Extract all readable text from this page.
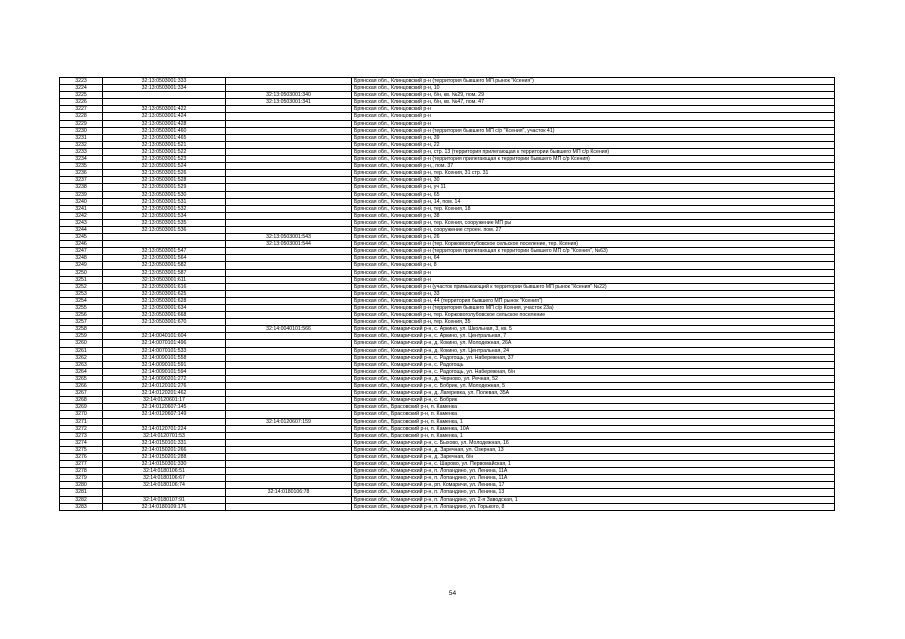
3223	32:13:0503001:333		Брянская обл., Клинцовский р-н (территория бывшего МП рынок "Ксения")
3224	32:13:0503001:334		Брянская обл., Клинцовский р-н, 10
3225		32:13:0503001:340	Брянская обл., Клинцовский р-н, б/н, кв. №29, пом. 29
3226		32:13:0503001:341	Брянская обл., Клинцовский р-н, б/н, кв. №47, пом. 47
3227	32:13:0503001:422		Брянская обл., Клинцовский р-н
3228	32:13:0503001:424		Брянская обл., Клинцовский р-н
3229	32:13:0503001:428		Брянская обл., Клинцовский р-н
3230	32:13:0503001:460		Брянская обл., Клинцовский р-н (территория бывшего МП с/р "Ксения", участок 41)
3231	32:13:0503001:465		Брянская обл., Клинцовский р-н, 39
3232	32:13:0503001:521		Брянская обл., Клинцовский р-н, 22
3233	32:13:0503001:522		Брянская обл., Клинцовский р-н, стр. 13 (территория прилегающая к территории бывшего МП с/р Ксения)
3234	32:13:0503001:523		Брянская обл., Клинцовский р-н (территория прилегающая к территории бывшего МП с/р Ксения)
3235	32:13:0503001:524		Брянская обл., Клинцовский р-н,, пом. 37
3236	32:13:0503001:526		Брянская обл., Клинцовский р-н, тер. Ксения, 31 стр. 31
3237	32:13:0503001:528		Брянская обл., Клинцовский р-н, 30
3238	32:13:0503001:529		Брянская обл., Клинцовский р-н, уч 11
3239	32:13:0503001:530		Брянская обл., Клинцовский р-н, 65
3240	32:13:0503001:531		Брянская обл., Клинцовский р-н, 14, пом. 14
3241	32:13:0503001:532		Брянская обл., Клинцовский р-н, тер. Ксения, 18
3242	32:13:0503001:534		Брянская обл., Клинцовский р-н, 38
3243	32:13:0503001:535		Брянская обл., Клинцовский р-н, тер. Ксения, сооружение МП ры
3244	32:13:0503001:536		Брянская обл., Клинцовский р-н, сооружение строен. пом. 27
3245		32:13:0503001:543	Брянская обл., Клинцовский р-н, 26
3246		32:13:0503001:544	Брянская обл., Клинцовский р-н (тер. Коржовоголубовское сельское поселение, тер. Ксения)
3247	32:13:0503001:547		Брянская обл., Клинцовский р-н (территория прилегающая к территории бывшего МП с/р "Ксения", №63)
3248	32:13:0503001:564		Брянская обл., Клинцовский р-н, 64
3249	32:13:0503001:582		Брянская обл., Клинцовский р-н, 8
3250	32:13:0503001:587		Брянская обл., Клинцовский р-н
3251	32:13:0503001:611		Брянская обл., Клинцовский р-н
3252	32:13:0503001:616		Брянская обл., Клинцовский р-н (участок примыкающий к территории бывшего МП рынок "Ксения" №22)
3253	32:13:0503001:625		Брянская обл., Клинцовский р-н, 33
3254	32:13:0503001:628		Брянская обл., Клинцовский р-н, 44 (территория бывшего МП рынок "Ксения")
3255	32:13:0503001:634		Брянская обл., Клинцовский р-н (территория бывшего МП с/р Ксения, участок 23а)
3256	32:13:0503001:668		Брянская обл., Клинцовский р-н, тер. Коржовоголубовское сельское поселение
3257	32:13:0503001:670		Брянская обл., Клинцовский р-н, тер. Ксения, 35
3258		32:14:0040101:566	Брянская обл., Комаричский р-н, с. Аркино, ул. Школьная, 3, кв. 5
3259	32:14:0040101:604		Брянская обл., Комаричский р-н, с. Аркино, ул. Центральная, 7
3260	32:14:0070101:496		Брянская обл., Комаричский р-н, д. Кокино, ул. Молодежная, 26А
3261	32:14:0070101:533		Брянская обл., Комаричский р-н, д. Кокино, ул. Центральная, 24
3262	32:14:0090101:558		Брянская обл., Комаричский р-н, с. Радогощь, ул. Набережная, 37
3263	32:14:0090101:591		Брянская обл., Комаричский р-н, с. Радогощь
3264	32:14:0090101:594		Брянская обл., Комаричский р-н, с. Радогощь, ул. Набережная, б/н
3265	32:14:0090201:272		Брянская обл., Комаричский р-н, д. Черново, ул. Речная, 52
3266	32:14:0120101:276		Брянская обл., Комаричский р-н, с. Бобрик, ул. Молодежная, 5
3267	32:14:0120201:462		Брянская обл., Комаричский р-н, д. Лагеревка, ул. Полевая, 35А
3268	32:14:0120601:17		Брянская обл., Комаричский р-н, с. Бобрик
3269	32:14:0120607:145		Брянская обл., Брасовский р-н, п. Каменка
3270	32:14:0120607:149		Брянская обл., Брасовский р-н, п. Каменка
3271		32:14:0120607:159	Брянская обл., Брасовский р-н, п. Каменка, 1
3272	32:14:0120701:224		Брянская обл., Брасовский р-н, п. Каменка, 10А
3273	32:14:0120701:53		Брянская обл., Брасовский р-н, п. Каменка, 1
3274	32:14:0150101:331		Брянская обл., Комаричский р-н, с. Быхово, ул. Молодежная, 16
3275	32:14:0150201:266		Брянская обл., Комаричский р-н, д. Заречная, ул. Озерная, 13
3276	32:14:0150201:288		Брянская обл., Комаричский р-н, д. Заречная, б/н
3277	32:14:0150301:330		Брянская обл., Комаричский р-н, с. Шарово, ул. Первомайская, 1
3278	32:14:0180106:51		Брянская обл., Комаричский р-н, п. Лопандино, ул. Ленина, 11А
3279	32:14:0180106:67		Брянская обл., Комаричский р-н, п. Лопандино, ул. Ленина, 11А
3280	32:14:0180106:74		Брянская обл., Комаричский р-н, рп. Комаричи, ул. Ленина, 17
3281		32:14:0180106:78	Брянская обл., Комаричский р-н, п. Лопандино, ул. Ленина, 13
3282	32:14:0180107:91		Брянская обл., Комаричский р-н, п. Лопандино, ул. 2-я Заводская, 1
3283	32:14:0180109:176		Брянская обл., Комаричский р-н, п. Лопандино, ул. Горького, 8
54
